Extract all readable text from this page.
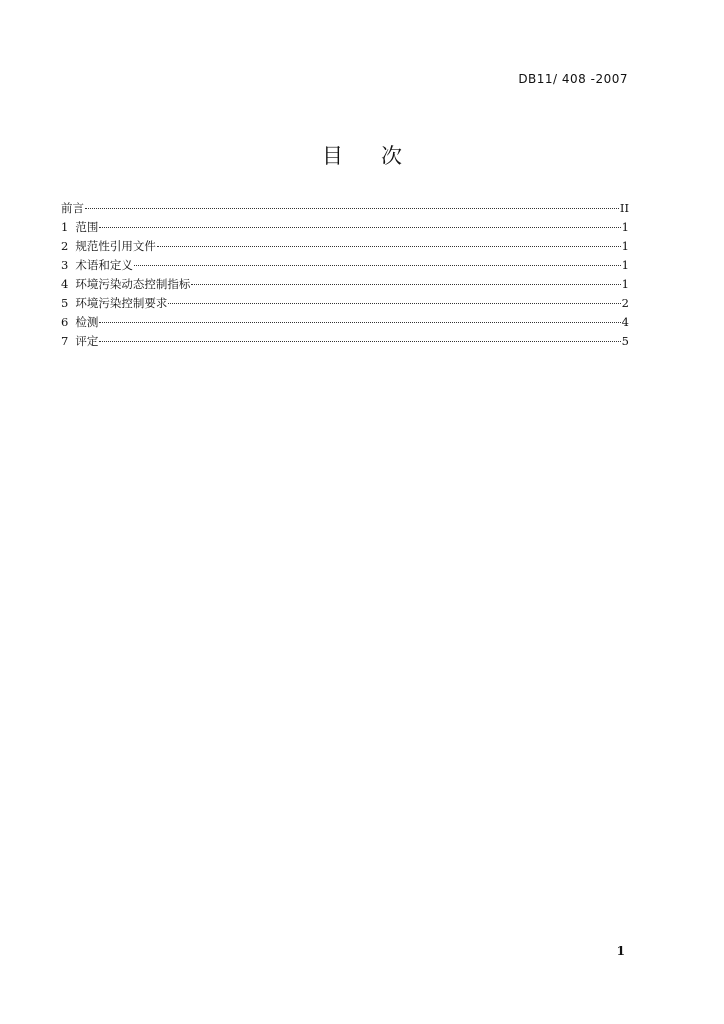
DB11/ 408 -2007
目次
前言	II
1 范围	1
2 规范性引用文件	1
3 术语和定义	1
4 环境污染动态控制指标	1
5 环境污染控制要求	2
6 检测	4
7 评定	5
1
